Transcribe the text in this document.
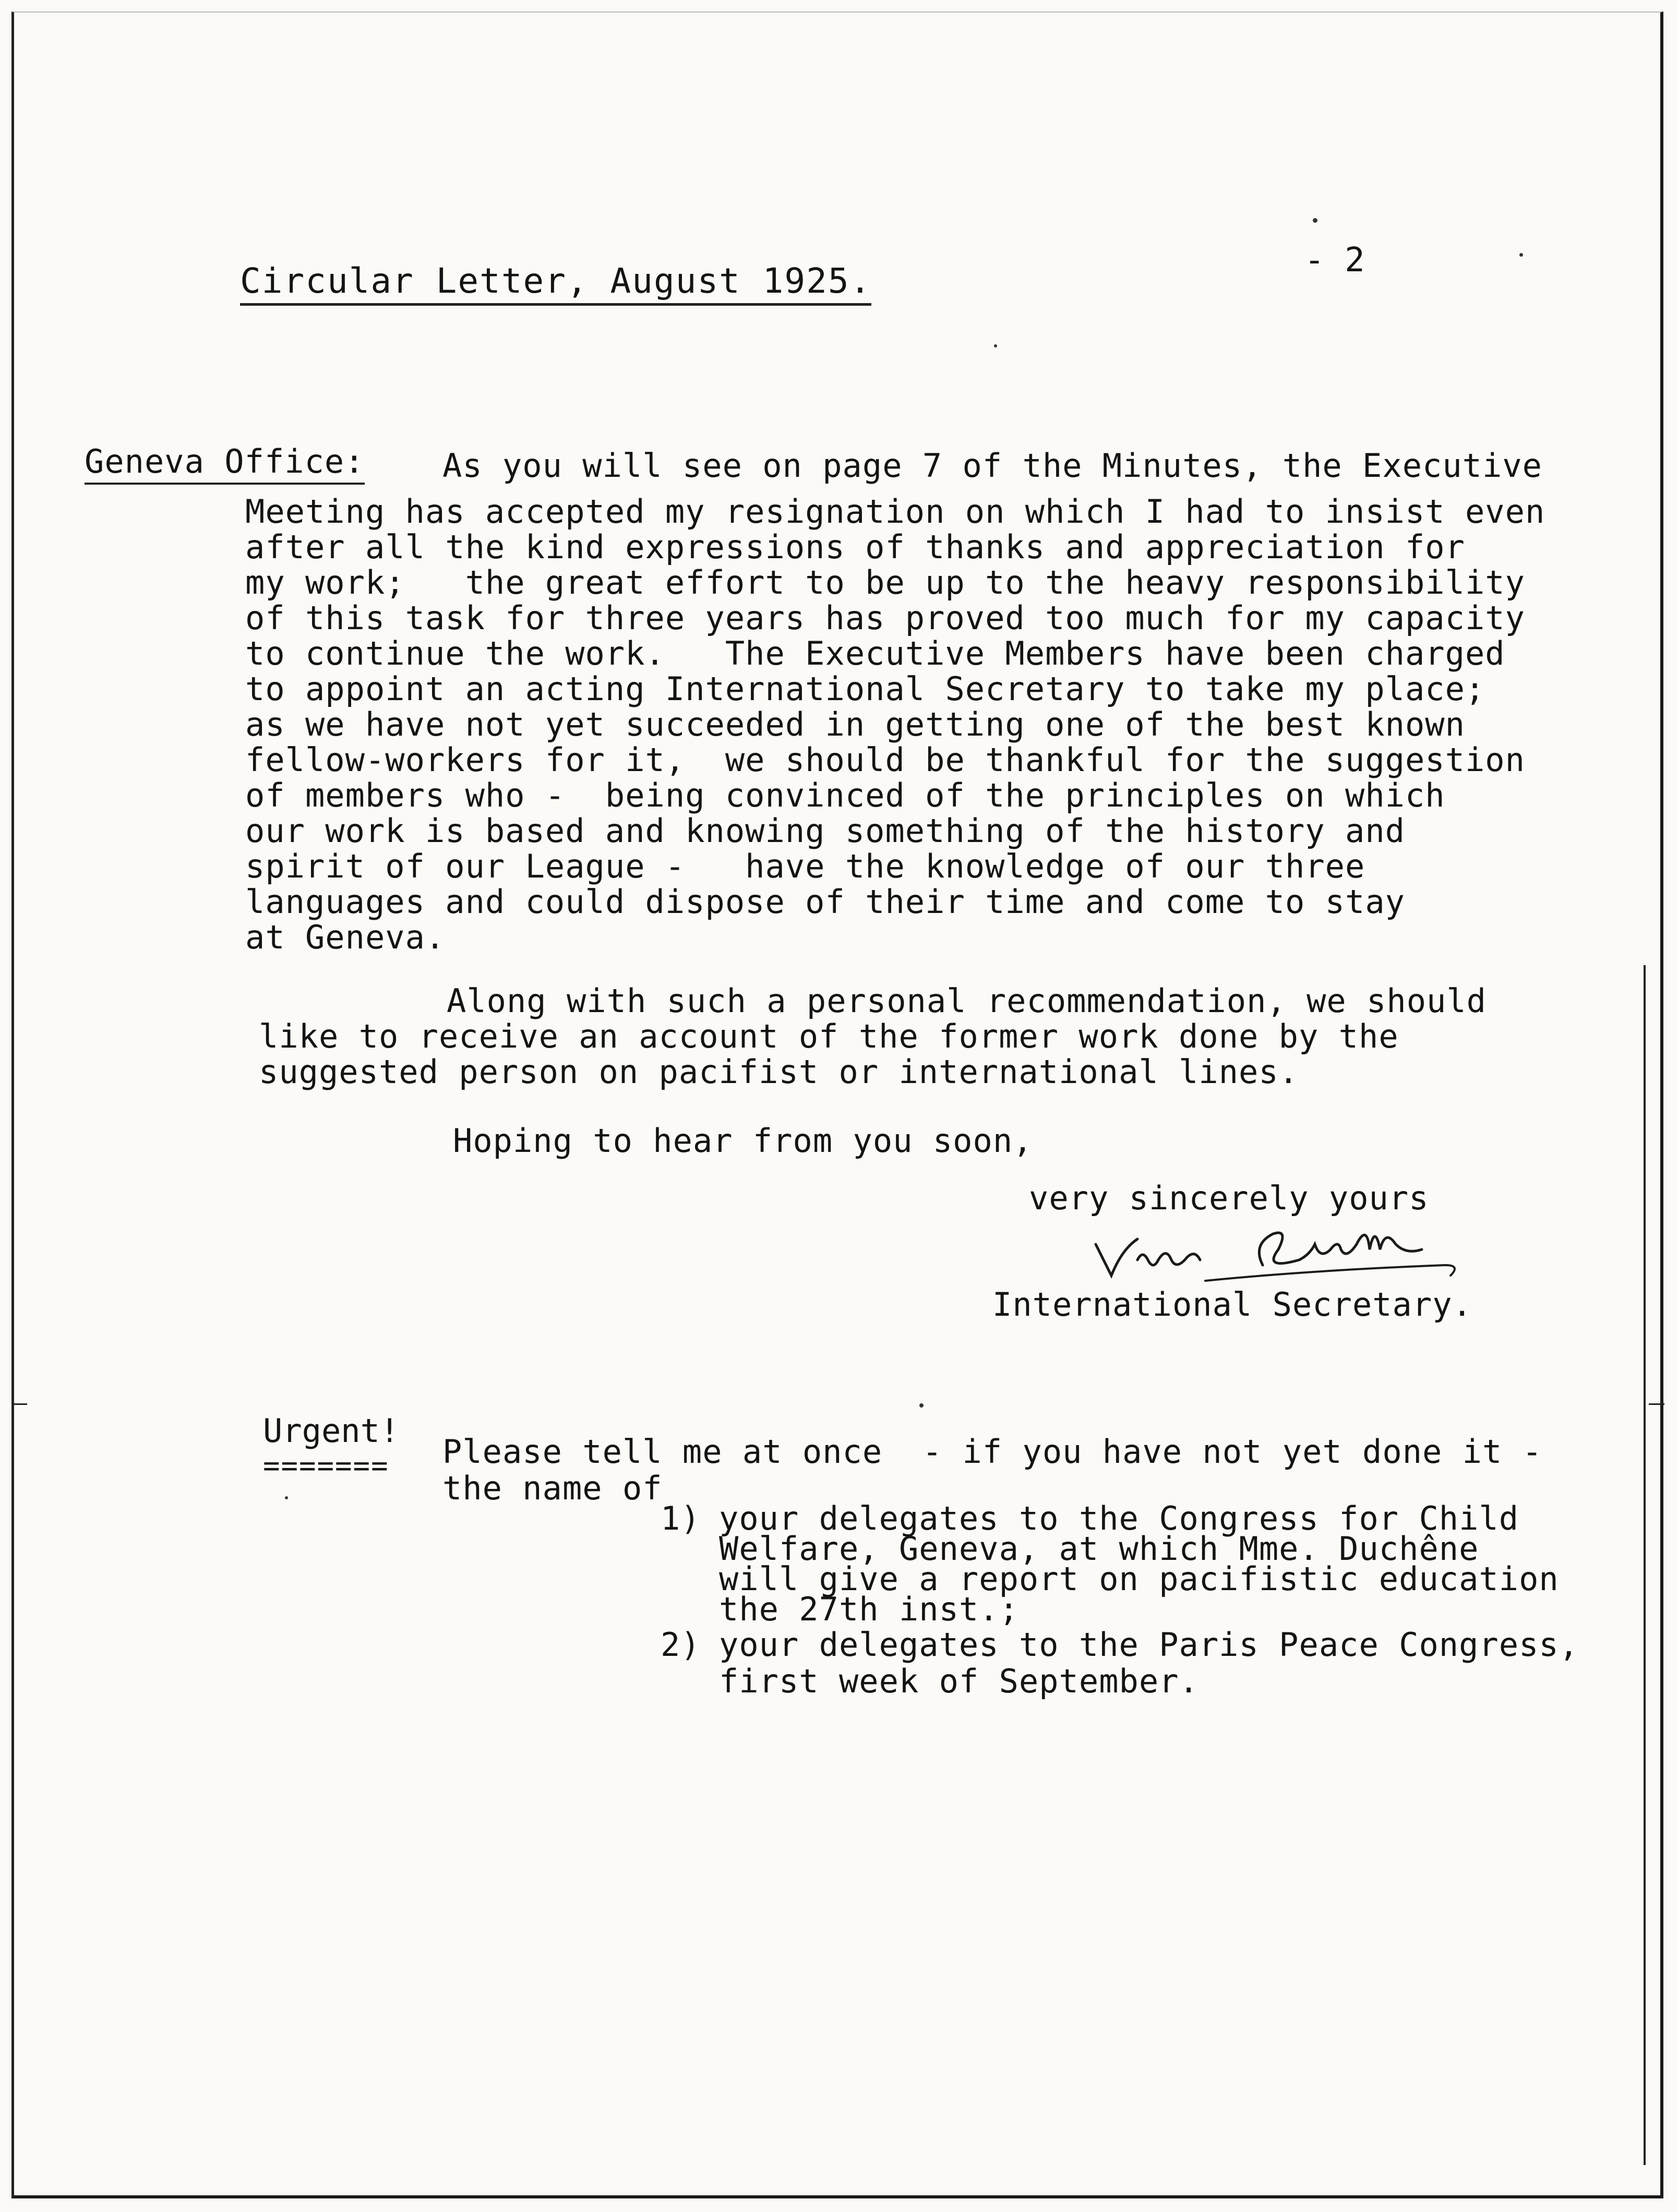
Circular Letter, August 1925.
- 2
Geneva Office: As you will see on page 7 of the Minutes, the Executive
Meeting has accepted my resignation on which I had to insist even
after all the kind expressions of thanks and appreciation for
my work;   the great effort to be up to the heavy responsibility
of this task for three years has proved too much for my capacity
to continue the work.   The Executive Members have been charged
to appoint an acting International Secretary to take my place;
as we have not yet succeeded in getting one of the best known
fellow-workers for it,  we should be thankful for the suggestion
of members who -  being convinced of the principles on which
our work is based and knowing something of the history and
spirit of our League -   have the knowledge of our three
languages and could dispose of their time and come to stay
at Geneva.
Along with such a personal recommendation, we should
like to receive an account of the former work done by the
suggested person on pacifist or international lines.
Hoping to hear from you soon,
very sincerely yours
International Secretary.
Urgent!
======= Please tell me at once  - if you have not yet done it -
the name of
1) your delegates to the Congress for Child
Welfare, Geneva, at which Mme. Duchêne
will give a report on pacifistic education
the 27th inst.;
2) your delegates to the Paris Peace Congress,
first week of September.
